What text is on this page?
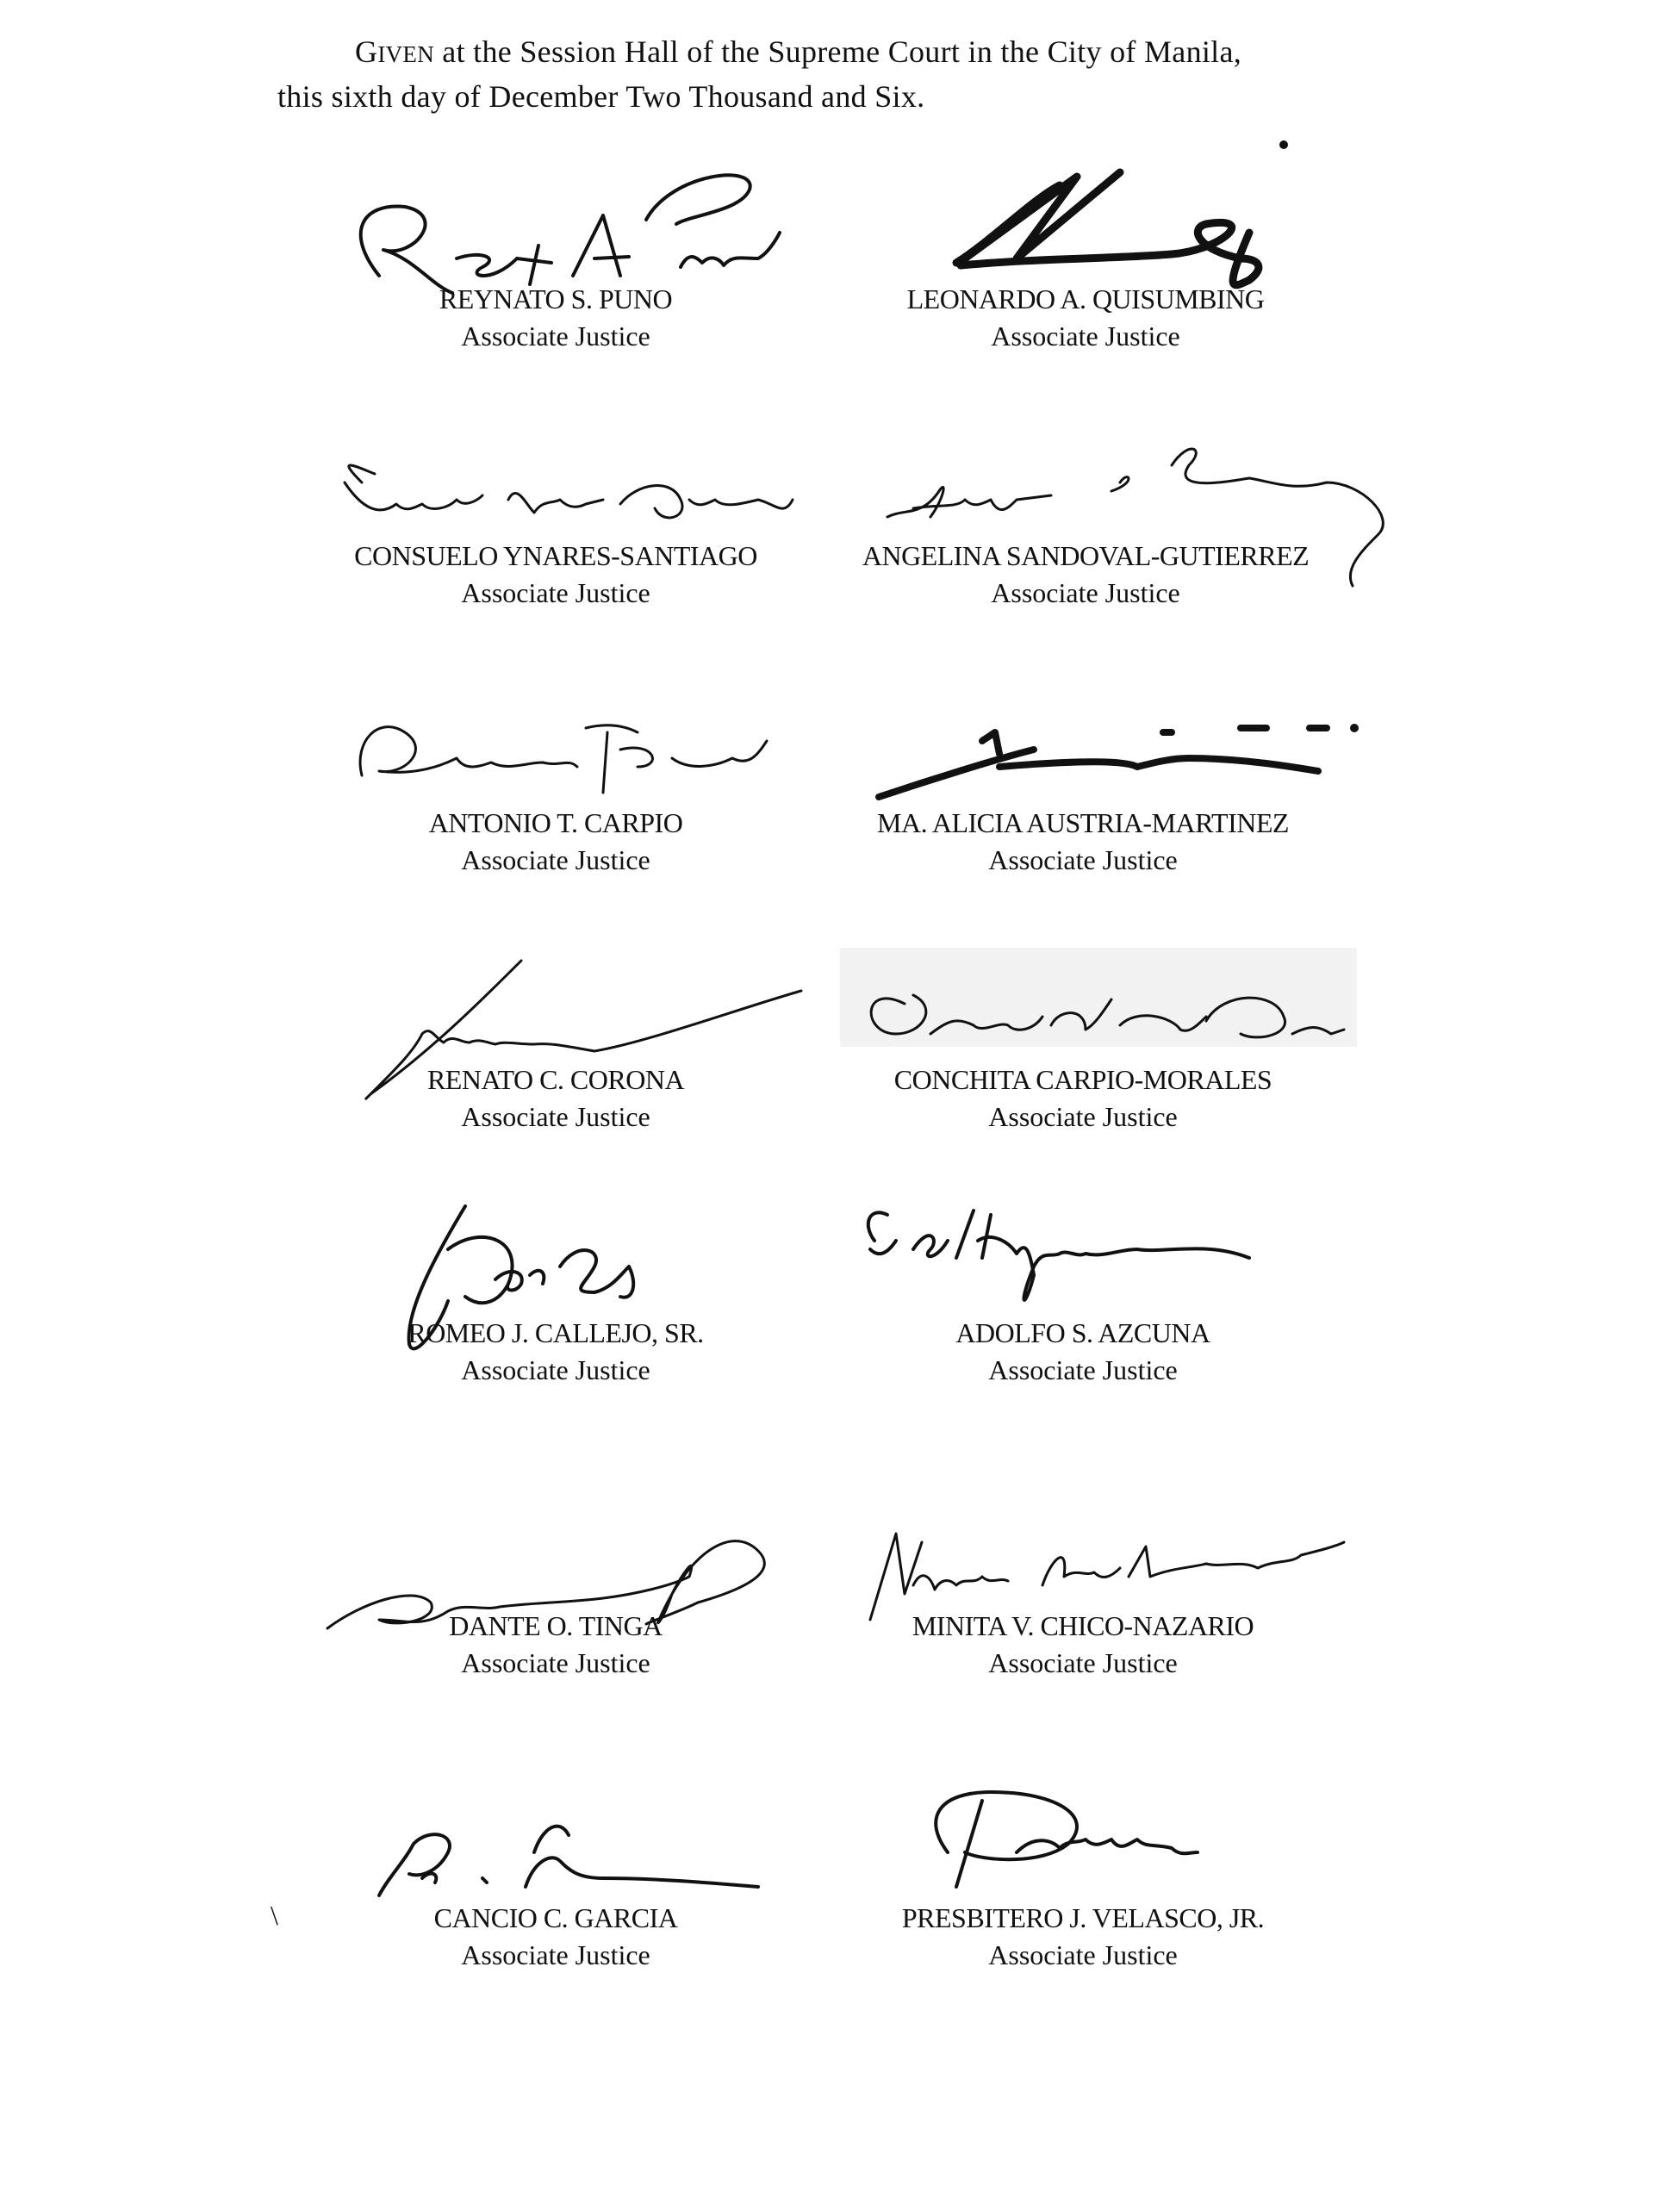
GIVEN at the Session Hall of the Supreme Court in the City of Manila,
this sixth day of December Two Thousand and Six.
REYNATO S. PUNO
Associate Justice
LEONARDO A. QUISUMBING
Associate Justice
CONSUELO YNARES-SANTIAGO
Associate Justice
ANGELINA SANDOVAL-GUTIERREZ
Associate Justice
ANTONIO T. CARPIO
Associate Justice
MA. ALICIA AUSTRIA-MARTINEZ
Associate Justice
RENATO C. CORONA
Associate Justice
CONCHITA CARPIO-MORALES
Associate Justice
ROMEO J. CALLEJO, SR.
Associate Justice
ADOLFO S. AZCUNA
Associate Justice
DANTE O. TINGA
Associate Justice
MINITA V. CHICO-NAZARIO
Associate Justice
CANCIO C. GARCIA
Associate Justice
PRESBITERO J. VELASCO, JR.
Associate Justice
\
